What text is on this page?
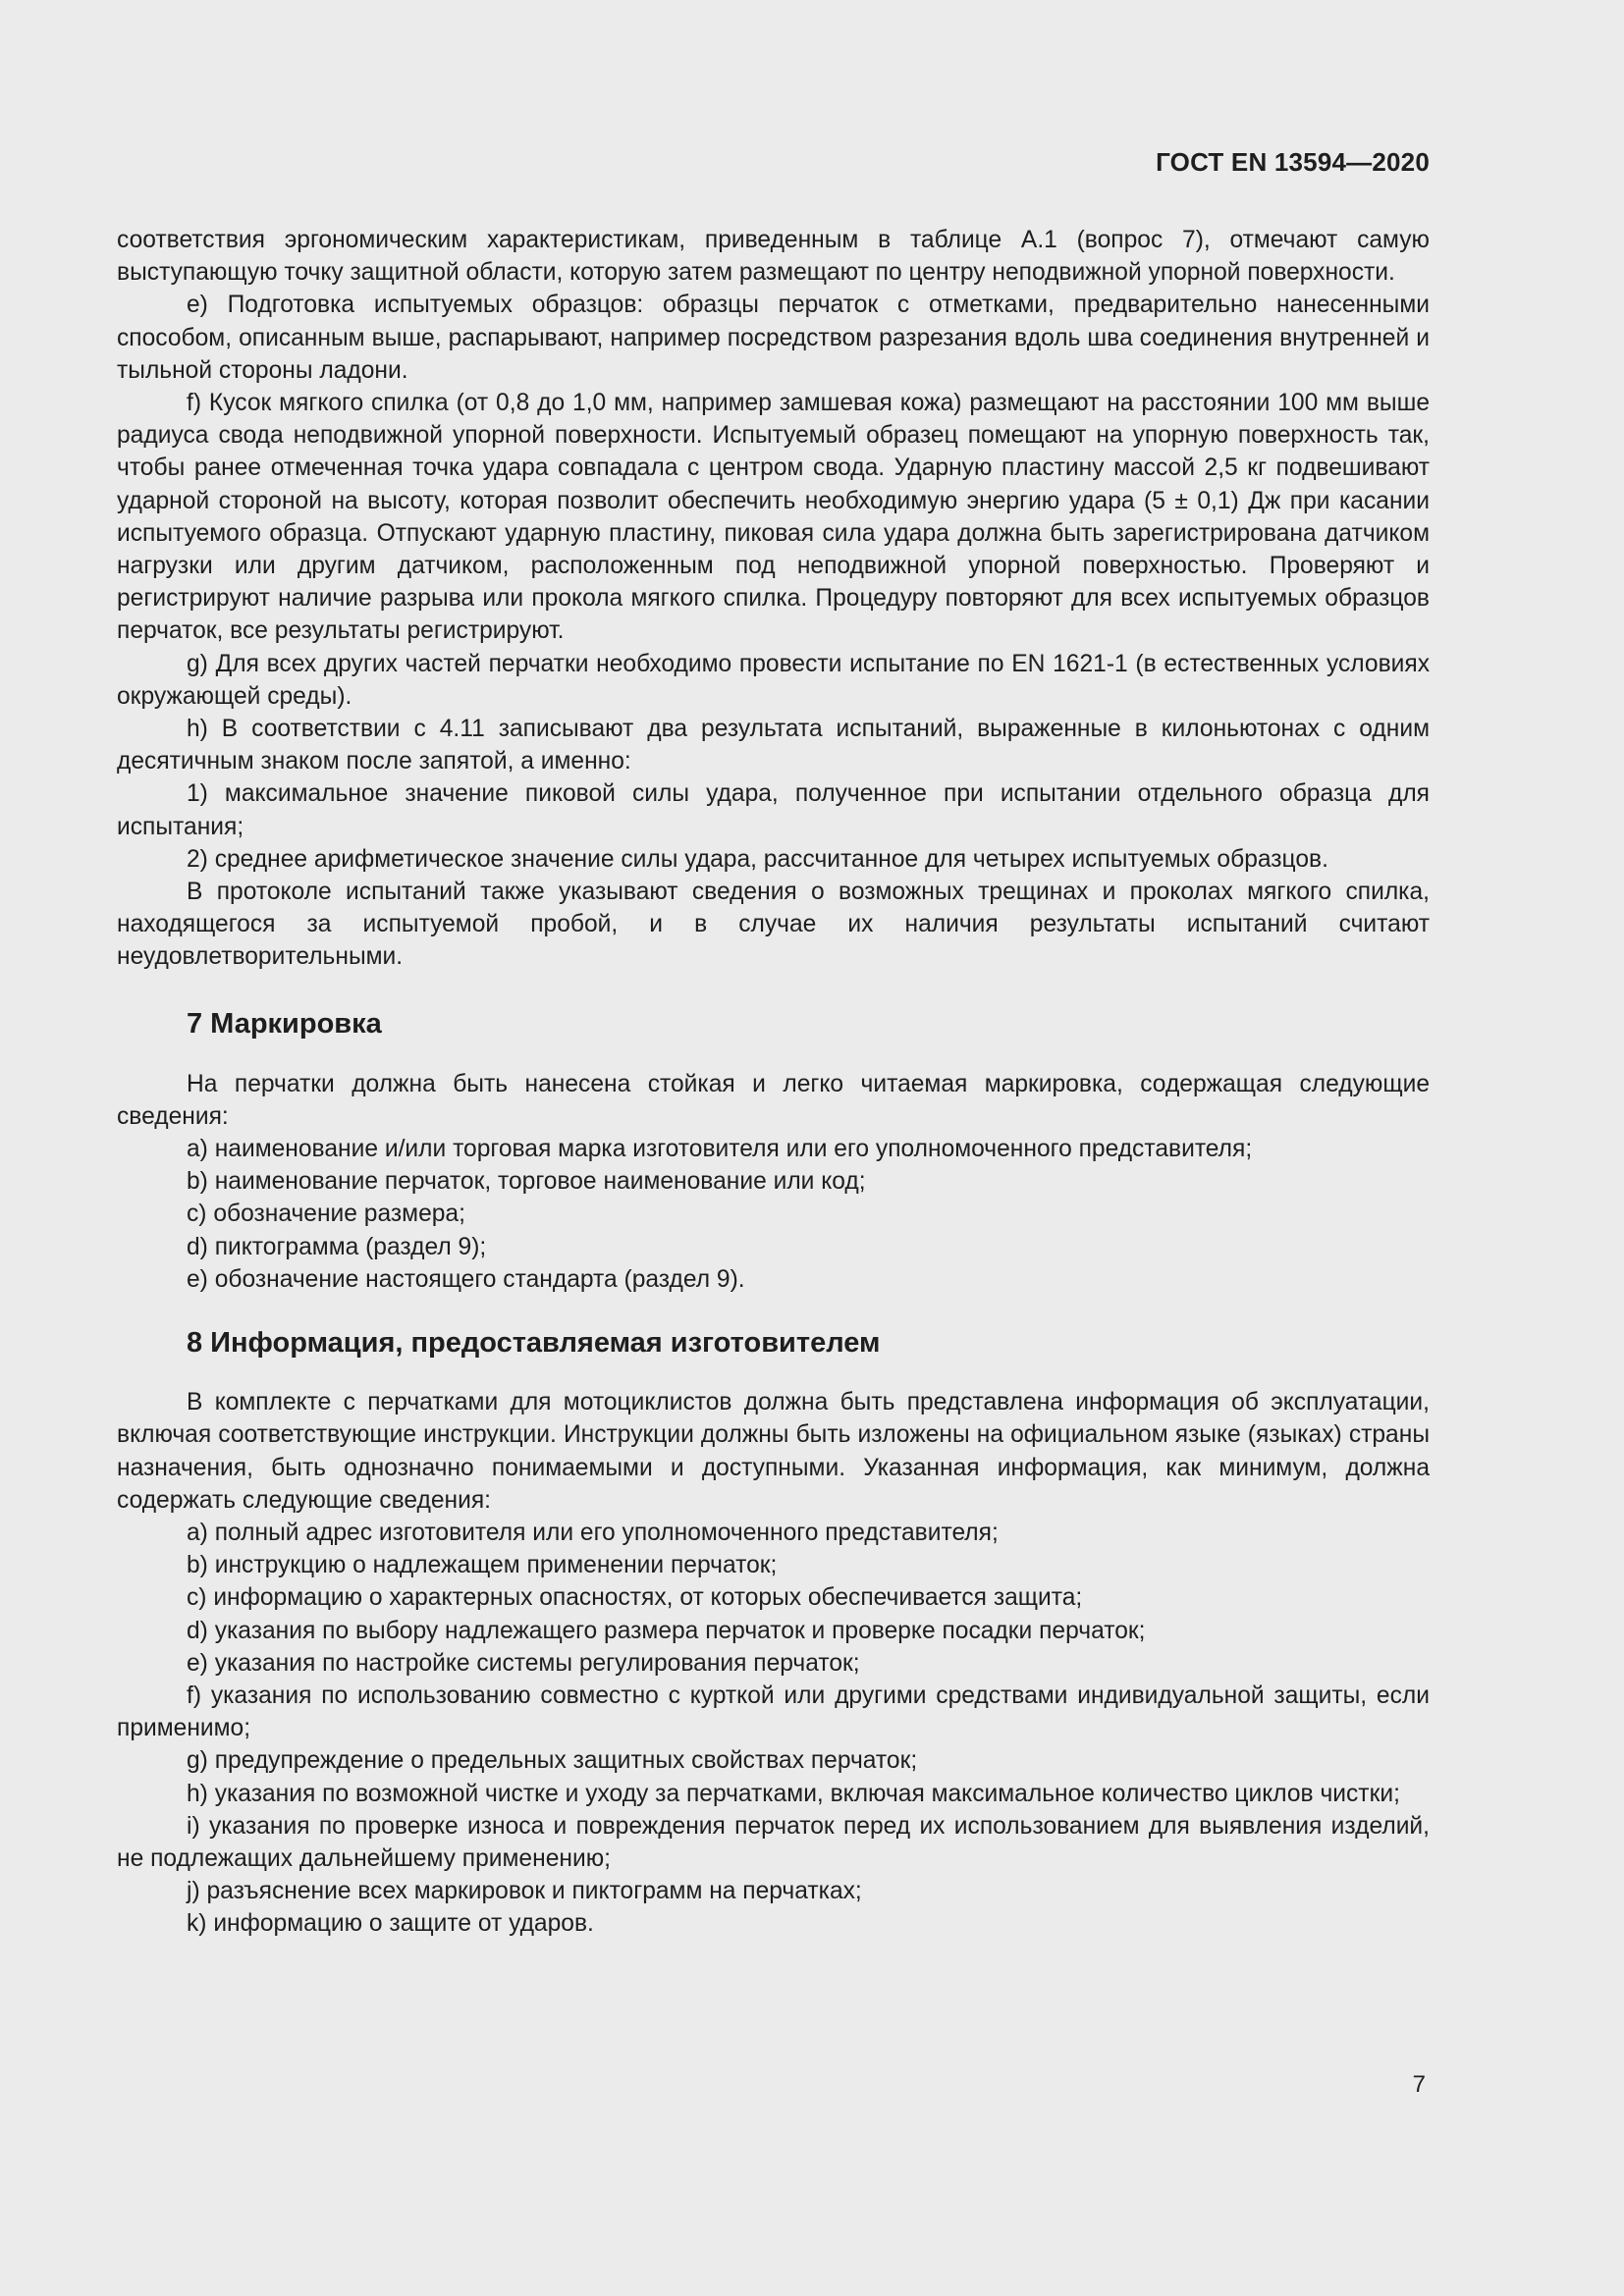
ГОСТ EN 13594—2020

соответствия эргономическим характеристикам, приведенным в таблице А.1 (вопрос 7), отмечают самую выступающую точку защитной области, которую затем размещают по центру неподвижной упорной поверхности.

e) Подготовка испытуемых образцов: образцы перчаток с отметками, предварительно нанесенными способом, описанным выше, распарывают, например посредством разрезания вдоль шва соединения внутренней и тыльной стороны ладони.

f) Кусок мягкого спилка (от 0,8 до 1,0 мм, например замшевая кожа) размещают на расстоянии 100 мм выше радиуса свода неподвижной упорной поверхности. Испытуемый образец помещают на упорную поверхность так, чтобы ранее отмеченная точка удара совпадала с центром свода. Ударную пластину массой 2,5 кг подвешивают ударной стороной на высоту, которая позволит обеспечить необходимую энергию удара (5 ± 0,1) Дж при касании испытуемого образца. Отпускают ударную пластину, пиковая сила удара должна быть зарегистрирована датчиком нагрузки или другим датчиком, расположенным под неподвижной упорной поверхностью. Проверяют и регистрируют наличие разрыва или прокола мягкого спилка. Процедуру повторяют для всех испытуемых образцов перчаток, все результаты регистрируют.

g) Для всех других частей перчатки необходимо провести испытание по EN 1621-1 (в естественных условиях окружающей среды).

h) В соответствии с 4.11 записывают два результата испытаний, выраженные в килоньютонах с одним десятичным знаком после запятой, а именно:

1) максимальное значение пиковой силы удара, полученное при испытании отдельного образца для испытания;

2) среднее арифметическое значение силы удара, рассчитанное для четырех испытуемых образцов.

В протоколе испытаний также указывают сведения о возможных трещинах и проколах мягкого спилка, находящегося за испытуемой пробой, и в случае их наличия результаты испытаний считают неудовлетворительными.

7 Маркировка

На перчатки должна быть нанесена стойкая и легко читаемая маркировка, содержащая следующие сведения:

a) наименование и/или торговая марка изготовителя или его уполномоченного представителя;

b) наименование перчаток, торговое наименование или код;

c) обозначение размера;

d) пиктограмма (раздел 9);

e) обозначение настоящего стандарта (раздел 9).

8 Информация, предоставляемая изготовителем

В комплекте с перчатками для мотоциклистов должна быть представлена информация об эксплуатации, включая соответствующие инструкции. Инструкции должны быть изложены на официальном языке (языках) страны назначения, быть однозначно понимаемыми и доступными. Указанная информация, как минимум, должна содержать следующие сведения:

a) полный адрес изготовителя или его уполномоченного представителя;

b) инструкцию о надлежащем применении перчаток;

c) информацию о характерных опасностях, от которых обеспечивается защита;

d) указания по выбору надлежащего размера перчаток и проверке посадки перчаток;

e) указания по настройке системы регулирования перчаток;

f) указания по использованию совместно с курткой или другими средствами индивидуальной защиты, если применимо;

g) предупреждение о предельных защитных свойствах перчаток;

h) указания по возможной чистке и уходу за перчатками, включая максимальное количество циклов чистки;

i) указания по проверке износа и повреждения перчаток перед их использованием для выявления изделий, не подлежащих дальнейшему применению;

j) разъяснение всех маркировок и пиктограмм на перчатках;

k) информацию о защите от ударов.

7
